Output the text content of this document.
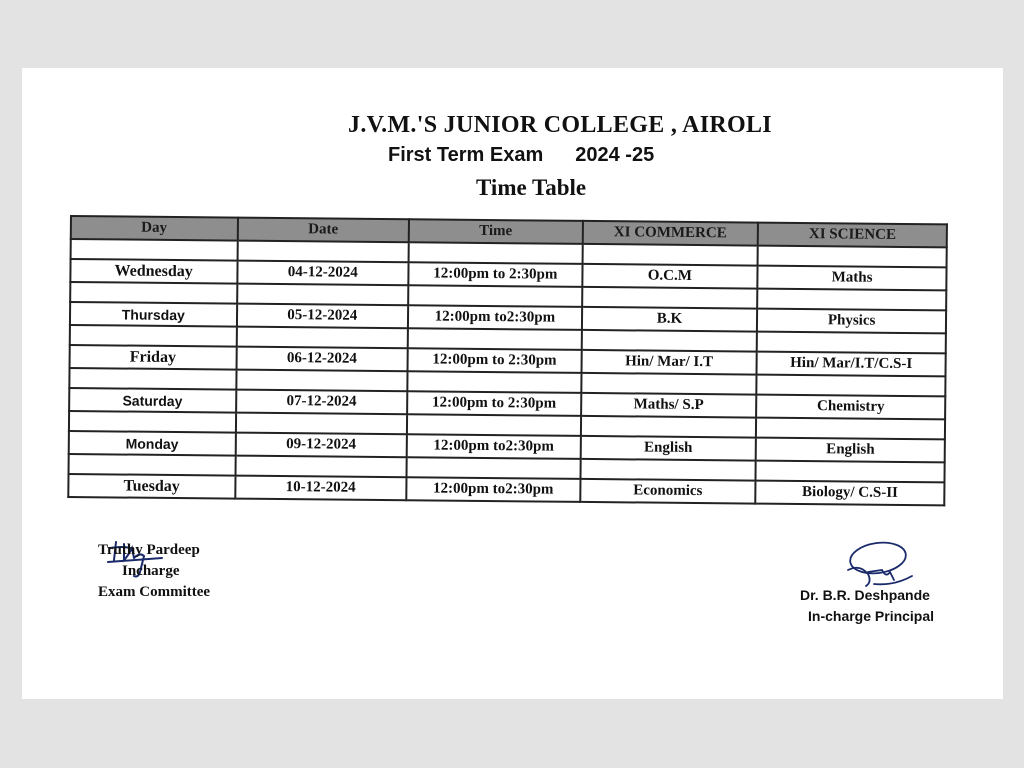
J.V.M.'S JUNIOR COLLEGE , AIROLI
First Term Exam 2024 -25
Time Table
Day	Date	Time	XI COMMERCE	XI SCIENCE

Wednesday	04-12-2024	12:00pm to 2:30pm	O.C.M	Maths

Thursday	05-12-2024	12:00pm to2:30pm	B.K	Physics

Friday	06-12-2024	12:00pm to 2:30pm	Hin/ Mar/ I.T	Hin/ Mar/I.T/C.S-I

Saturday	07-12-2024	12:00pm to 2:30pm	Maths/ S.P	Chemistry

Monday	09-12-2024	12:00pm to2:30pm	English	English

Tuesday	10-12-2024	12:00pm to2:30pm	Economics	Biology/ C.S-II
Truthy Pardeep
Incharge
Exam Committee	Dr. B.R. Deshpande
In-charge Principal
